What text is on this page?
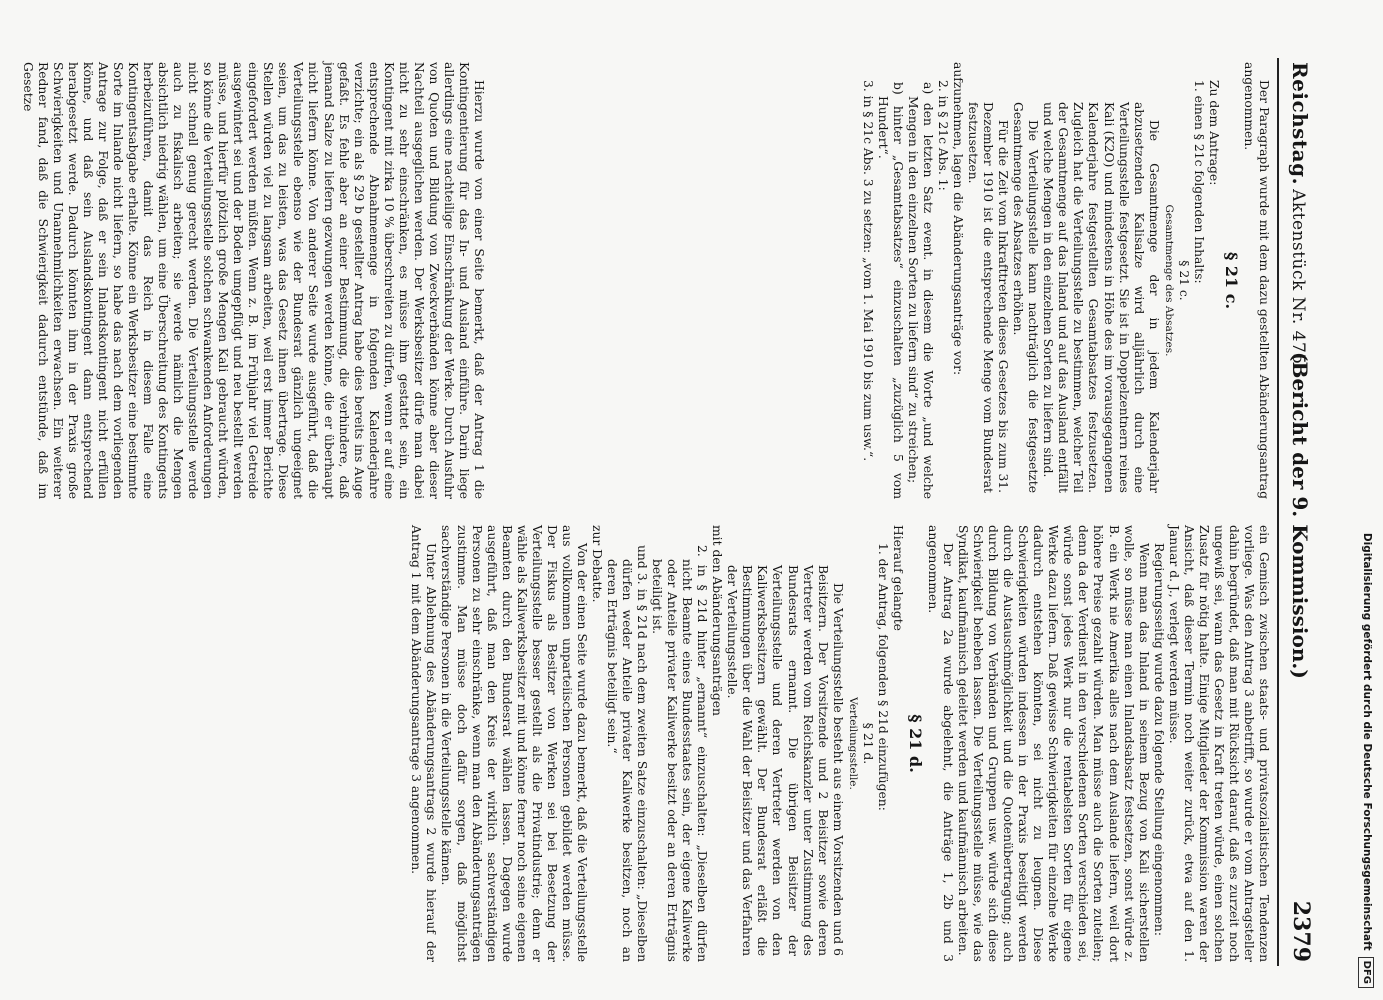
Reichstag.Aktenstück Nr. 475.
(Bericht der 9. Kommission.)
2379

Der Paragraph wurde mit dem dazu gestellten Abänderungsantrag angenommen.

§ 21 c.

Zu dem Antrage:

1. einen § 21c folgenden Inhalts:

§ 21 c.

Gesamtmenge des Absatzes.

Die Gesamtmenge der in jedem Kalenderjahr abzusetzenden Kalisalze wird alljährlich durch eine Verteilungsstelle festgesetzt. Sie ist in Doppelzentnern reines Kali (K2O) und mindestens in Höhe des im vorausgegangenen Kalenderjahre festgestellten Gesamtabsatzes festzusetzen. Zugleich hat die Verteilungsstelle zu bestimmen, welcher Teil der Gesamtmenge auf das Inland und auf das Ausland entfällt und welche Mengen in den einzelnen Sorten zu liefern sind.

Die Verteilungsstelle kann nachträglich die festgesetzte Gesamtmenge des Absatzes erhöhen.

Für die Zeit vom Inkrafttreten dieses Gesetzes bis zum 31. Dezember 1910 ist die entsprechende Menge vom Bundesrat festzusetzen.

aufzunehmen, lagen die Abänderungsanträge vor:

2. in § 21c Abs. 1:

a) den letzten Satz event. in diesem die Worte „und welche Mengen in den einzelnen Sorten zu liefern sind“ zu streichen;

b) hinter „Gesamtabsatzes“ einzuschalten „zuzüglich 5 vom Hundert“.

3. in § 21c Abs. 3 zu setzen: „vom 1. Mai 1910 bis zum usw.“.

Hierzu wurde von einer Seite bemerkt, daß der Antrag 1 die Kontingentierung für das In- und Ausland einführe. Darin liege allerdings eine nachteilige Einschränkung der Werke. Durch Ausfuhr von Quoten und Bildung von Zweckverbänden könne aber dieser Nachteil ausgeglichen werden. Der Werksbesitzer dürfe man dabei nicht zu sehr einschränken, es müsse ihm gestattet sein, ein Kontingent mit zirka 10 % überschreiten zu dürfen, wenn er auf eine entsprechende Abnahmemenge in folgenden Kalenderjahre verzichte; ein als § 29 b gestellter Antrag habe dies bereits ins Auge gefaßt. Es fehle aber an einer Bestimmung, die verhindere, daß jemand Salze zu liefern gezwungen werden könne, die er überhaupt nicht liefern könne. Von anderer Seite wurde ausgeführt, daß die Verteilungsstelle ebenso wie der Bundesrat gänzlich ungeeignet seien, um das zu leisten, was das Gesetz ihnen übertrage. Diese Stellen würden viel zu langsam arbeiten, weil erst immer Berichte eingefordert werden müßten. Wenn z. B. im Frühjahr viel Getreide ausgewintert sei und der Boden umgepflügt und neu bestellt werden müsse, und hierfür plötzlich große Mengen Kali gebraucht würden, so könne die Verteilungsstelle solchen schwankenden Anforderungen nicht schnell genug gerecht werden. Die Verteilungsstelle werde auch zu fiskalisch arbeiten; sie werde nämlich die Mengen absichtlich niedrig wählen, um eine Überschreitung des Kontingents herbeizuführen, damit das Reich in diesem Falle eine Kontingentsabgabe erhalte. Könne ein Werksbesitzer eine bestimmte Sorte im Inlande nicht liefern, so habe das nach dem vorliegenden Antrage zur Folge, daß er sein Inlandskontingent nicht erfüllen könne, und daß sein Auslandskontingent dann entsprechend herabgesetzt werde. Dadurch könnten ihm in der Praxis große Schwierigkeiten und Unannehmlichkeiten erwachsen. Ein weiterer Redner fand, daß die Schwierigkeit dadurch entstünde, daß im Gesetze

ein Gemisch zwischen staats- und privatsozialistischen Tendenzen vorliege. Was den Antrag 3 anbetrifft, so wurde er vom Antragsteller dahin begründet, daß man mit Rücksicht darauf, daß es zurzeit noch ungewiß sei, wann das Gesetz in Kraft treten würde, einen solchen Zusatz für nötig halte. Einige Mitglieder der Kommission waren der Ansicht, daß dieser Termin noch weiter zurück, etwa auf den 1. Januar d. J., verlegt werden müsse.

Regierungsseitig wurde dazu folgende Stellung eingenommen:

Wenn man das Inland in seinem Bezug von Kali sicherstellen wolle, so müsse man einen Inlandsabsatz festsetzen, sonst würde z. B. ein Werk nie Amerika alles nach dem Auslande liefern, weil dort höhere Preise gezahlt würden. Man müsse auch die Sorten zuteilen; denn da der Verdienst in den verschiedenen Sorten verschieden sei, würde sonst jedes Werk nur die rentabelsten Sorten für eigene Werke dazu liefern. Daß gewisse Schwierigkeiten für einzelne Werke dadurch entstehen könnten, sei nicht zu leugnen. Diese Schwierigkeiten würden indessen in der Praxis beseitigt werden durch die Austauschmöglichkeit und die Quotenübertragung; auch durch Bildung von Verbänden und Gruppen usw. würde sich diese Schwierigkeit beheben lassen. Die Verteilungsstelle müsse, wie das Syndikat, kaufmännisch geleitet werden und kaufmännisch arbeiten.

Der Antrag 2a wurde abgelehnt, die Anträge 1, 2b und 3 angenommen.

§ 21 d.

Hierauf gelangte

1. der Antrag, folgenden § 21d einzufügen:

§ 21 d.

Verteilungsstelle.

Die Verteilungsstelle besteht aus einem Vorsitzenden und 6 Beisitzern. Der Vorsitzende und 2 Beisitzer sowie deren Vertreter werden vom Reichskanzler unter Zustimmung des Bundesrats ernannt. Die übrigen Beisitzer der Verteilungsstelle und deren Vertreter werden von den Kaliwerksbesitzern gewählt. Der Bundesrat erläßt die Bestimmungen über die Wahl der Beisitzer und das Verfahren der Verteilungsstelle.

mit den Abänderungsanträgen

2. in § 21d hinter „ernannt“ einzuschalten: „Dieselben dürfen nicht Beamte eines Bundesstaates sein, der eigene Kaliwerke oder Anteile privater Kaliwerke besitzt oder an deren Erträgnis beteiligt ist.

und 3. in § 21d nach dem zweiten Satze einzuschalten: „Dieselben dürfen weder Anteile privater Kaliwerke besitzen, noch an deren Erträgnis beteiligt sein.“

zur Debatte.

Von der einen Seite wurde dazu bemerkt, daß die Verteilungsstelle aus vollkommen unparteiischen Personen gebildet werden müsse. Der Fiskus als Besitzer von Werken sei bei Besetzung der Verteilungsstelle besser gestellt als die Privatindustrie; denn er wähle als Kaliwerksbesitzer mit und könne ferner noch seine eigenen Beamten durch den Bundesrat wählen lassen. Dagegen wurde ausgeführt, daß man den Kreis der wirklich sachverständigen Personen zu sehr einschränke, wenn man den Abänderungsanträgen zustimme. Man müsse doch dafür sorgen, daß möglichst sachverständige Personen in die Verteilungsstelle kämen.

Unter Ablehnung des Abänderungsantrags 2 wurde hierauf der Antrag 1 mit dem Abänderungsantrage 3 angenommen.	Digitalisierung gefördert durch die Deutsche ForschungsgemeinschaftDFG
